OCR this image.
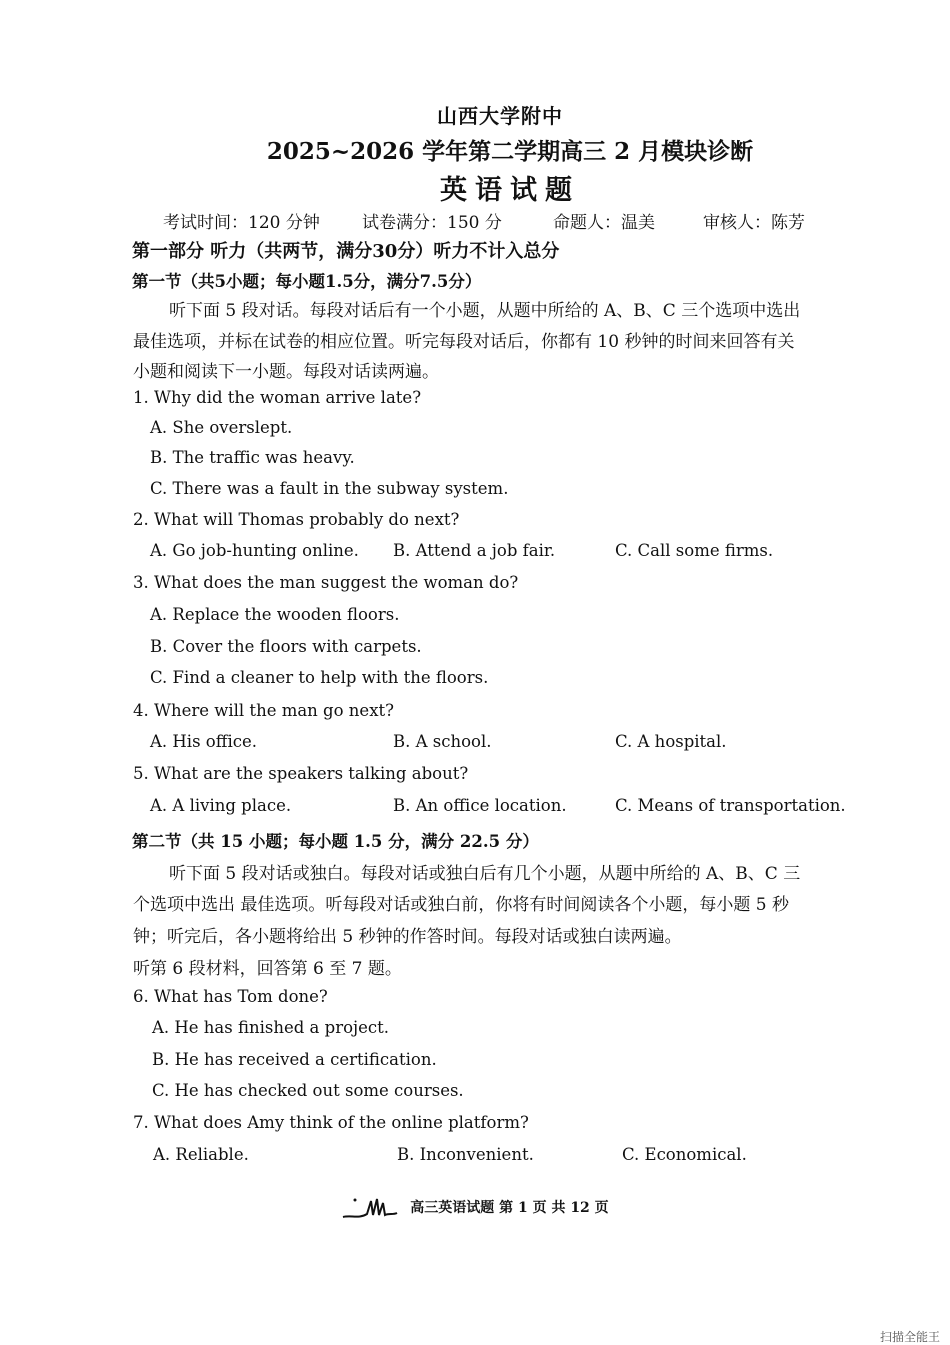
山西大学附中
2025~2026 学年第二学期高三 2 月模块诊断
英语试题
考试时间：120 分钟 试卷满分：150 分	命题人：温美	审核人：陈芳
第一部分 听力（共两节，满分30分）听力不计入总分
第一节（共5小题；每小题1.5分，满分7.5分）
听下面 5 段对话。每段对话后有一个小题，从题中所给的 A、B、C 三个选项中选出
最佳选项，并标在试卷的相应位置。听完每段对话后，你都有 10 秒钟的时间来回答有关
小题和阅读下一小题。每段对话读两遍。
1. Why did the woman arrive late?
A. She overslept.
B. The traffic was heavy.
C. There was a fault in the subway system.
2. What will Thomas probably do next?
A. Go job-hunting online. B. Attend a job fair.	C. Call some firms.
3. What does the man suggest the woman do?
A. Replace the wooden floors.
B. Cover the floors with carpets.
C. Find a cleaner to help with the floors.
4. Where will the man go next?
A. His office.	B. A school.	C. A hospital.
5. What are the speakers talking about?
A. A living place.	B. An office location.	C. Means of transportation.
第二节（共 15 小题；每小题 1.5 分，满分 22.5 分）
听下面 5 段对话或独白。每段对话或独白后有几个小题，从题中所给的 A、B、C 三
个选项中选出 最佳选项。听每段对话或独白前，你将有时间阅读各个小题，每小题 5 秒
钟；听完后，各小题将给出 5 秒钟的作答时间。每段对话或独白读两遍。
听第 6 段材料，回答第 6 至 7 题。
6. What has Tom done?
A. He has finished a project.
B. He has received a certification.
C. He has checked out some courses.
7. What does Amy think of the online platform?
A. Reliable.	B. Inconvenient.	C. Economical.
高三英语试题 第 1 页 共 12 页
扫描全能王
